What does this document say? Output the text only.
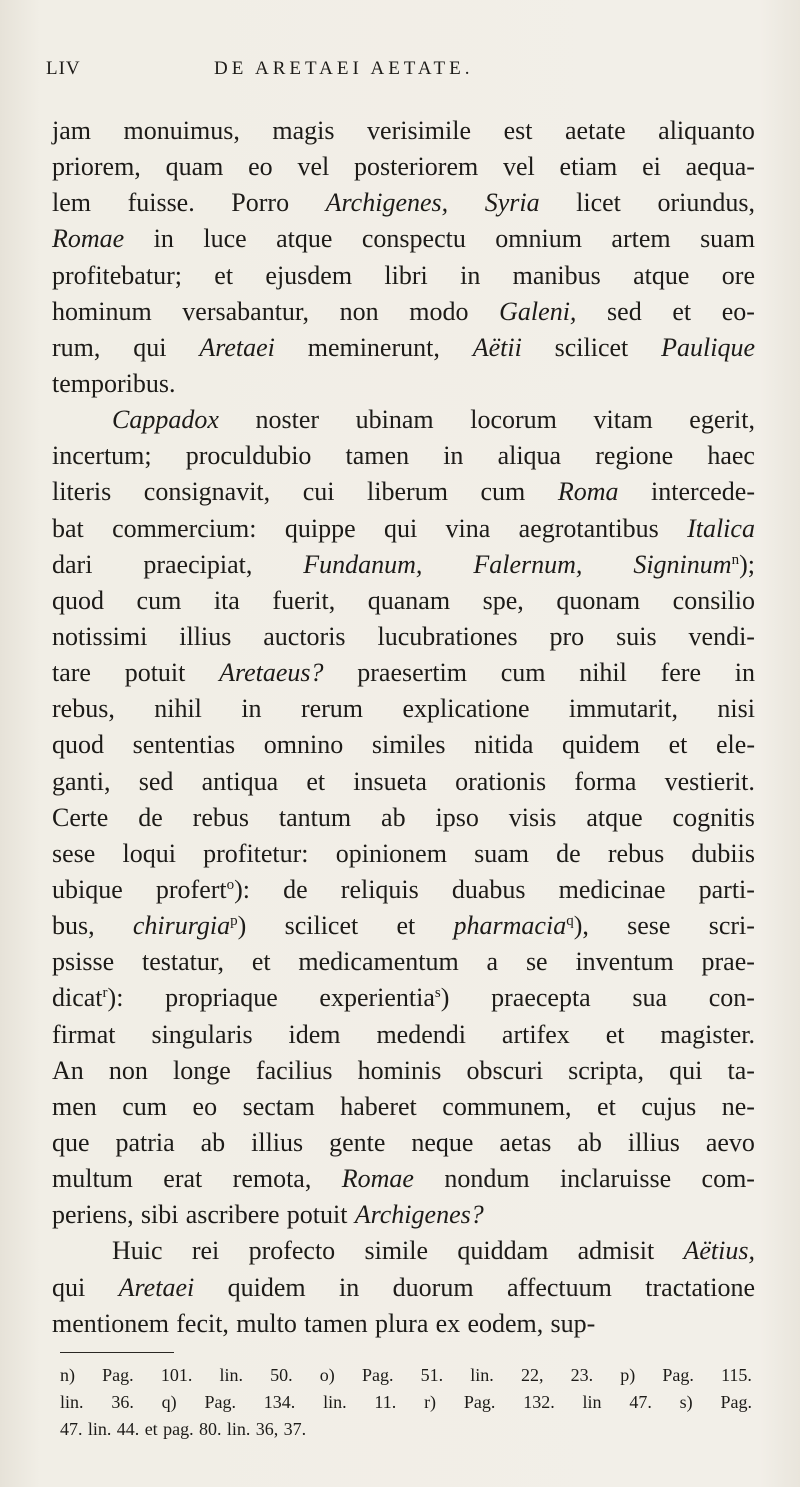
LIV	DE ARETAEI AETATE.
jam monuimus, magis verisimile est aetate aliquanto
priorem, quam eo vel posteriorem vel etiam ei aequa-
lem fuisse. Porro Archigenes, Syria licet oriundus,
Romae in luce atque conspectu omnium artem suam
profitebatur; et ejusdem libri in manibus atque ore
hominum versabantur, non modo Galeni, sed et eo-
rum, qui Aretaei meminerunt, Aëtii scilicet Paulique
temporibus.
Cappadox noster ubinam locorum vitam egerit,
incertum; proculdubio tamen in aliqua regione haec
literis consignavit, cui liberum cum Roma intercede-
bat commercium: quippe qui vina aegrotantibus Italica
dari praecipiat, Fundanum, Falernum, Signinum$^n$);
quod cum ita fuerit, quanam spe, quonam consilio
notissimi illius auctoris lucubrationes pro suis vendi-
tare potuit Aretaeus? praesertim cum nihil fere in
rebus, nihil in rerum explicatione immutarit, nisi
quod sententias omnino similes nitida quidem et ele-
ganti, sed antiqua et insueta orationis forma vestierit.
Certe de rebus tantum ab ipso visis atque cognitis
sese loqui profitetur: opinionem suam de rebus dubiis
ubique profert$^o$): de reliquis duabus medicinae parti-
bus, chirurgia$^p$) scilicet et pharmacia$^q$), sese scri-
psisse testatur, et medicamentum a se inventum prae-
dicat$^r$): propriaque experientia$^s$) praecepta sua con-
firmat singularis idem medendi artifex et magister.
An non longe facilius hominis obscuri scripta, qui ta-
men cum eo sectam haberet communem, et cujus ne-
que patria ab illius gente neque aetas ab illius aevo
multum erat remota, Romae nondum inclaruisse com-
periens, sibi ascribere potuit Archigenes?
Huic rei profecto simile quiddam admisit Aëtius,
qui Aretaei quidem in duorum affectuum tractatione
mentionem fecit, multo tamen plura ex eodem, sup-
n) Pag. 101. lin. 50. o) Pag. 51. lin. 22, 23. p) Pag. 115.
lin. 36. q) Pag. 134. lin. 11. r) Pag. 132. lin 47. s) Pag.
47. lin. 44. et pag. 80. lin. 36, 37.
